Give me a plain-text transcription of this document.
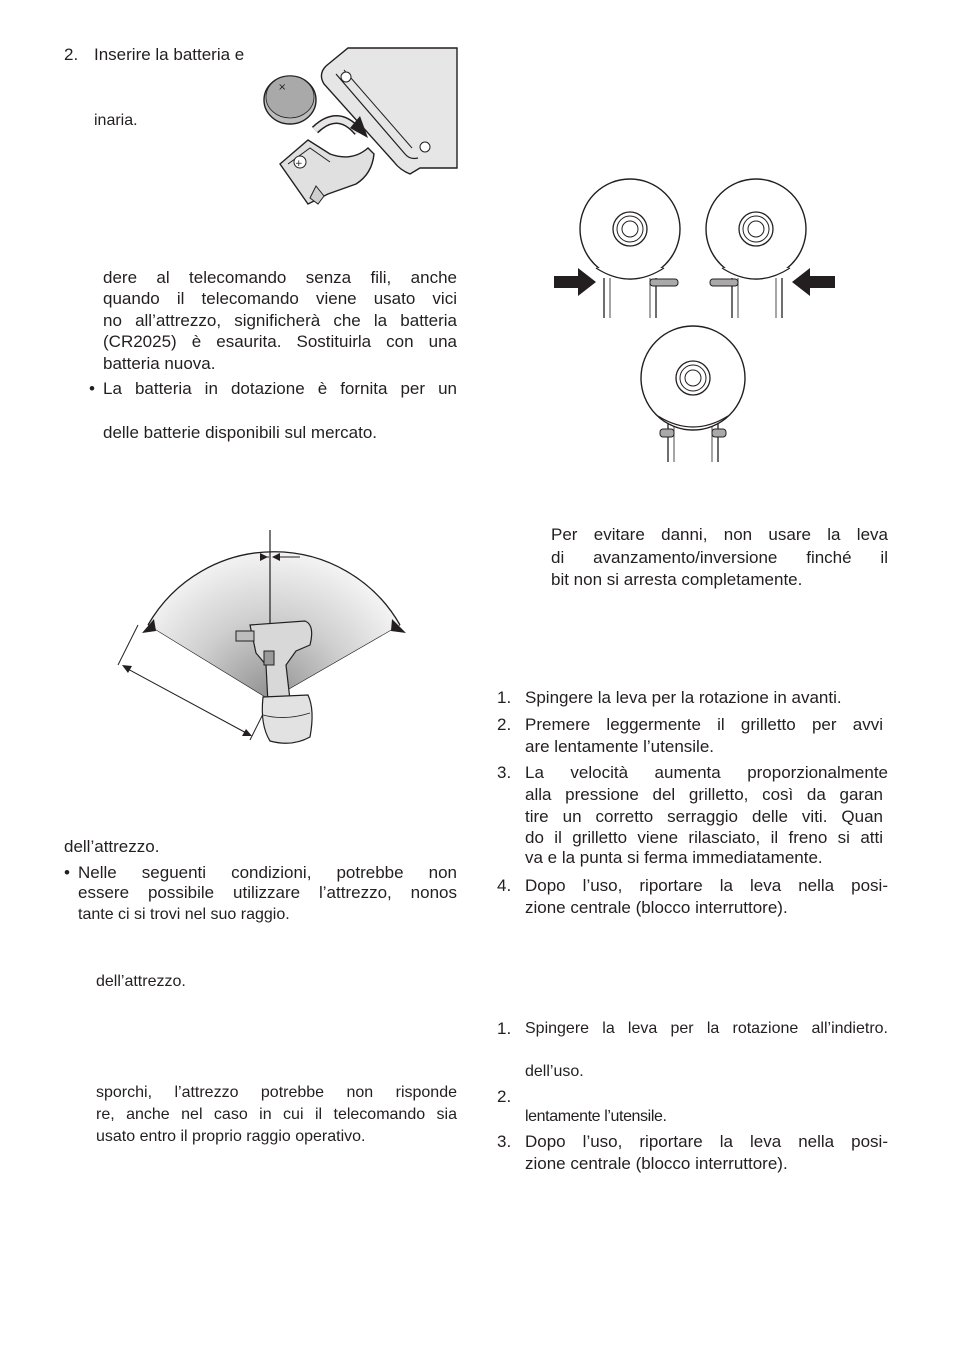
2. Inserire la batteria e
inaria.
×
+
dere al telecomando senza fili, anche
quando il telecomando viene usato vici
no all’attrezzo, significherà che la batteria
(CR2025) è esaurita. Sostituirla con una
batteria nuova.
• La batteria in dotazione è fornita per un
delle batterie disponibili sul mercato.
dell’attrezzo.
• Nelle seguenti condizioni, potrebbe non
essere possibile utilizzare l’attrezzo, nonos
tante ci si trovi nel suo raggio.
dell’attrezzo.
sporchi, l’attrezzo potrebbe non risponde
re, anche nel caso in cui il telecomando sia
usato entro il proprio raggio operativo.
Per evitare danni, non usare la leva
di avanzamento/inversione finché il
bit non si arresta completamente.
1. Spingere la leva per la rotazione in avanti.
2. Premere leggermente il grilletto per avvi
are lentamente l’utensile.
3. La velocità aumenta proporzionalmente
alla pressione del grilletto, così da garan
tire un corretto serraggio delle viti. Quan
do il grilletto viene rilasciato, il freno si atti
va e la punta si ferma immediatamente.
4. Dopo l’uso, riportare la leva nella posi-
zione centrale (blocco interruttore).
1. Spingere la leva per la rotazione all’indietro.
dell’uso.
2.
lentamente l’utensile.
3. Dopo l’uso, riportare la leva nella posi-
zione centrale (blocco interruttore).
